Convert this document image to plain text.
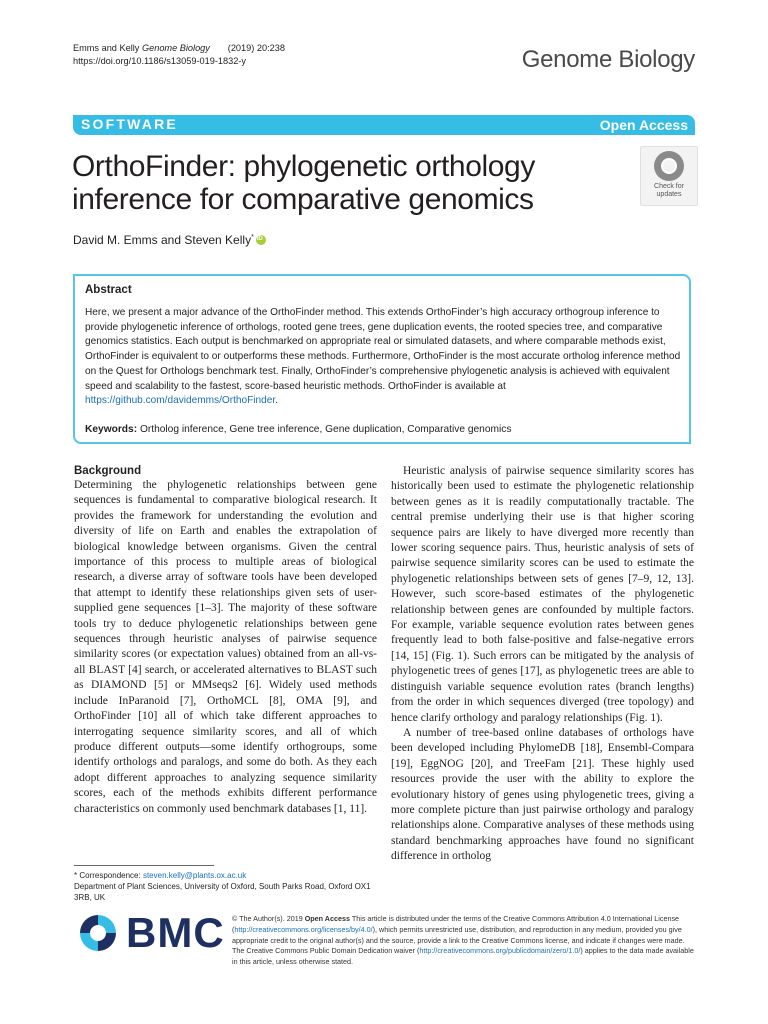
Emms and Kelly Genome Biology (2019) 20:238
https://doi.org/10.1186/s13059-019-1832-y	Genome Biology
SOFTWARE	Open Access
OrthoFinder: phylogenetic orthology inference for comparative genomics	Check for
updates
David M. Emms and Steven Kelly*iD
Abstract
Here, we present a major advance of the OrthoFinder method. This extends OrthoFinder’s high accuracy orthogroup inference to provide phylogenetic inference of orthologs, rooted gene trees, gene duplication events, the rooted species tree, and comparative genomics statistics. Each output is benchmarked on appropriate real or simulated datasets, and where comparable methods exist, OrthoFinder is equivalent to or outperforms these methods. Furthermore, OrthoFinder is the most accurate ortholog inference method on the Quest for Orthologs benchmark test. Finally, OrthoFinder’s comprehensive phylogenetic analysis is achieved with equivalent speed and scalability to the fastest, score-based heuristic methods. OrthoFinder is available at https://github.com/davidemms/OrthoFinder.
Keywords: Ortholog inference, Gene tree inference, Gene duplication, Comparative genomics
Background
Determining the phylogenetic relationships between gene sequences is fundamental to comparative biological research. It provides the framework for understanding the evolution and diversity of life on Earth and enables the extrapolation of biological knowledge between organisms. Given the central importance of this process to multiple areas of biological research, a diverse array of software tools have been developed that attempt to identify these relationships given sets of user-supplied gene sequences [1–3]. The majority of these software tools try to deduce phylogenetic relationships between gene sequences through heuristic analyses of pairwise sequence similarity scores (or expectation values) obtained from an all-vs-all BLAST [4] search, or accelerated alternatives to BLAST such as DIAMOND [5] or MMseqs2 [6]. Widely used methods include InParanoid [7], OrthoMCL [8], OMA [9], and OrthoFinder [10] all of which take different approaches to interrogating sequence similarity scores, and all of which produce different outputs—some identify orthogroups, some identify orthologs and paralogs, and some do both. As they each adopt different approaches to analyzing sequence similarity scores, each of the methods exhibits different performance characteristics on commonly used benchmark databases [1, 11].
Heuristic analysis of pairwise sequence similarity scores has historically been used to estimate the phylogenetic relationship between genes as it is readily computationally tractable. The central premise underlying their use is that higher scoring sequence pairs are likely to have diverged more recently than lower scoring sequence pairs. Thus, heuristic analysis of sets of pairwise sequence similarity scores can be used to estimate the phylogenetic relationships between sets of genes [7–9, 12, 13]. However, such score-based estimates of the phylogenetic relationship between genes are confounded by multiple factors. For example, variable sequence evolution rates between genes frequently lead to both false-positive and false-negative errors [14, 15] (Fig. 1). Such errors can be mitigated by the analysis of phylogenetic trees of genes [17], as phylogenetic trees are able to distinguish variable sequence evolution rates (branch lengths) from the order in which sequences diverged (tree topology) and hence clarify orthology and paralogy relationships (Fig. 1).
A number of tree-based online databases of orthologs have been developed including PhylomeDB [18], Ensembl-Compara [19], EggNOG [20], and TreeFam [21]. These highly used resources provide the user with the ability to explore the evolutionary history of genes using phylogenetic trees, giving a more complete picture than just pairwise orthology and paralogy relationships alone. Comparative analyses of these methods using standard benchmarking approaches have found no significant difference in ortholog
* Correspondence: steven.kelly@plants.ox.ac.uk
Department of Plant Sciences, University of Oxford, South Parks Road, Oxford OX1 3RB, UK
BMC © The Author(s). 2019 Open Access This article is distributed under the terms of the Creative Commons Attribution 4.0 International License (http://creativecommons.org/licenses/by/4.0/), which permits unrestricted use, distribution, and reproduction in any medium, provided you give appropriate credit to the original author(s) and the source, provide a link to the Creative Commons license, and indicate if changes were made. The Creative Commons Public Domain Dedication waiver (http://creativecommons.org/publicdomain/zero/1.0/) applies to the data made available in this article, unless otherwise stated.
